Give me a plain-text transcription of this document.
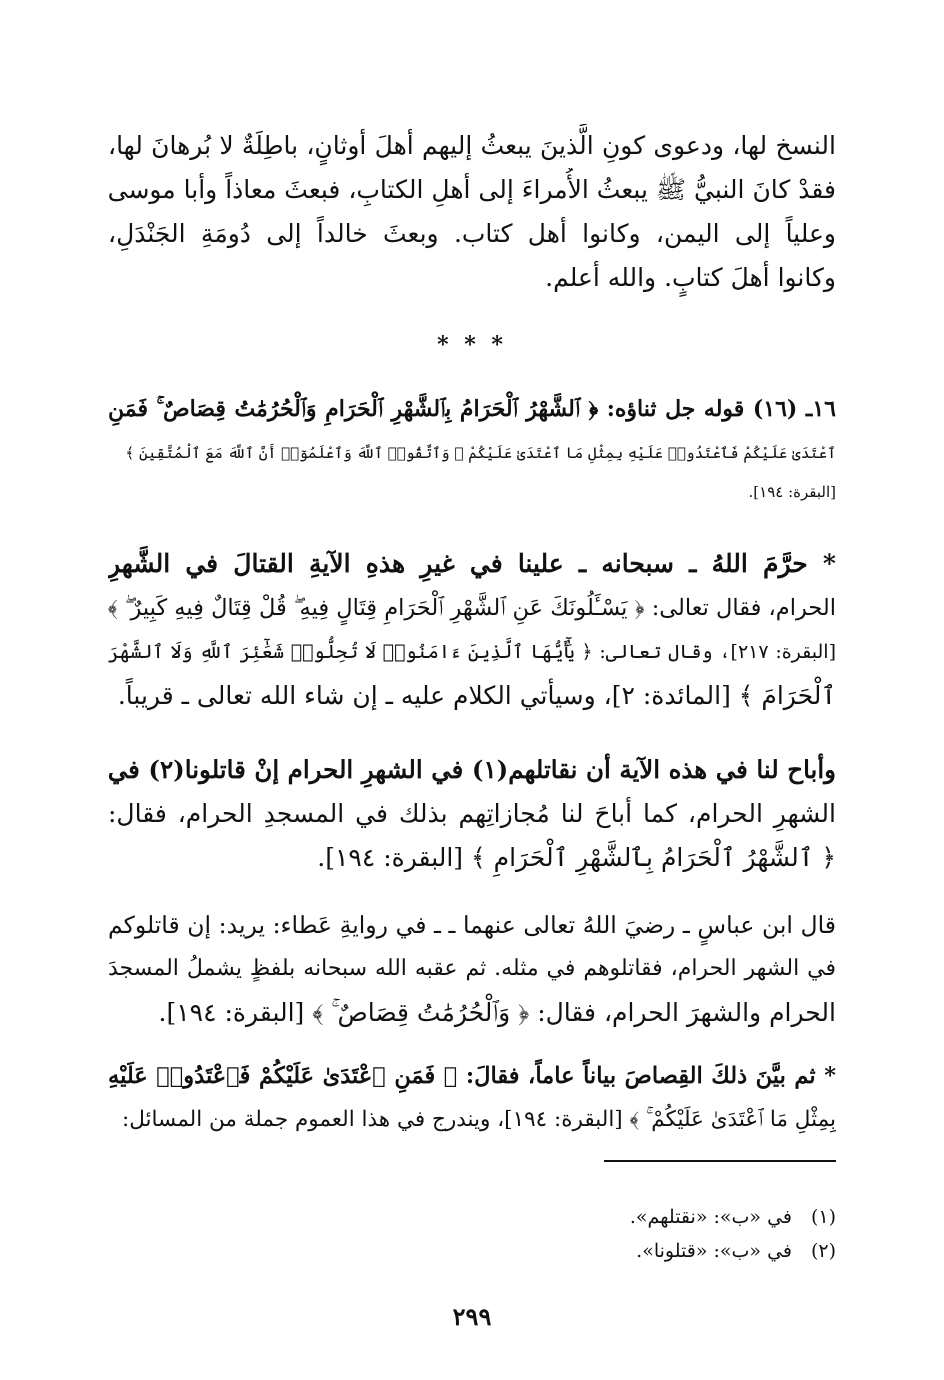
النسخ لها، ودعوى كونِ الَّذينَ يبعثُ إليهم أهلَ أوثانٍ، باطِلَةٌ لا بُرهانَ لها،
فقدْ كانَ النبيُّ ﷺ يبعثُ الأُمراءَ إلى أهلِ الكتابِ، فبعثَ معاذاً وأبا موسى
وعلياً إلى اليمن، وكانوا أهل كتاب. وبعثَ خالداً إلى دُومَةِ الجَنْدَلِ،
وكانوا أهلَ كتابٍ. والله أعلم.
* * *
١٦ـ (١٦) قوله جل ثناؤه: ﴿ ٱلشَّهْرُ ٱلْحَرَامُ بِٱلشَّهْرِ ٱلْحَرَامِ وَٱلْحُرُمَٰتُ قِصَاصٌ ۚ فَمَنِ
ٱعْتَدَىٰ عَلَيْكُمْ فَٱعْتَدُوا۟ عَلَيْهِ بِمِثْلِ مَا ٱعْتَدَىٰ عَلَيْكُمْ ۚ وَٱتَّقُوا۟ ٱللَّهَ وَٱعْلَمُوٓا۟ أَنَّ ٱللَّهَ مَعَ ٱلْمُتَّقِينَ ﴾
[البقرة: ١٩٤].
* حرَّمَ اللهُ ـ سبحانه ـ علينا في غيرِ هذهِ الآيةِ القتالَ في الشَّهرِ
الحرام، فقال تعالى: ﴿ يَسْـَٔلُونَكَ عَنِ ٱلشَّهْرِ ٱلْحَرَامِ قِتَالٍ فِيهِ ۖ قُلْ قِتَالٌ فِيهِ كَبِيرٌ ۖ ﴾
[البقرة: ٢١٧]، وقال تعالى: ﴿ يَٰٓأَيُّهَا ٱلَّذِينَ ءَامَنُوا۟ لَا تُحِلُّوا۟ شَعَٰٓئِرَ ٱللَّهِ وَلَا ٱلشَّهْرَ
ٱلْحَرَامَ ﴾ [المائدة: ٢]، وسيأتي الكلام عليه ـ إن شاء الله تعالى ـ قريباً.
وأباح لنا في هذه الآية أن نقاتلهم(١) في الشهرِ الحرام إنْ قاتلونا(٢) في
الشهرِ الحرام، كما أباحَ لنا مُجازاتِهم بذلك في المسجدِ الحرام، فقال:
﴿ ٱلشَّهْرُ ٱلْحَرَامُ بِٱلشَّهْرِ ٱلْحَرَامِ ﴾ [البقرة: ١٩٤].
قال ابن عباسٍ ـ رضيَ اللهُ تعالى عنهما ـ ـ في روايةِ عَطاء: يريد: إن قاتلوكم
في الشهر الحرام، فقاتلوهم في مثله. ثم عقبه الله سبحانه بلفظٍ يشملُ المسجدَ
الحرام والشهرَ الحرام، فقال: ﴿ وَٱلْحُرُمَٰتُ قِصَاصٌ ۚ ﴾ [البقرة: ١٩٤].
* ثم بيَّنَ ذلكَ القِصاصَ بياناً عاماً، فقالَ: ﴿ فَمَنِ ٱعْتَدَىٰ عَلَيْكُمْ فَٱعْتَدُوا۟ عَلَيْهِ
بِمِثْلِ مَا ٱعْتَدَىٰ عَلَيْكُمْ ۚ ﴾ [البقرة: ١٩٤]، ويندرج في هذا العموم جملة من المسائل:
(١)في «ب»: «نقتلهم».
(٢)في «ب»: «قتلونا».
٢٩٩
